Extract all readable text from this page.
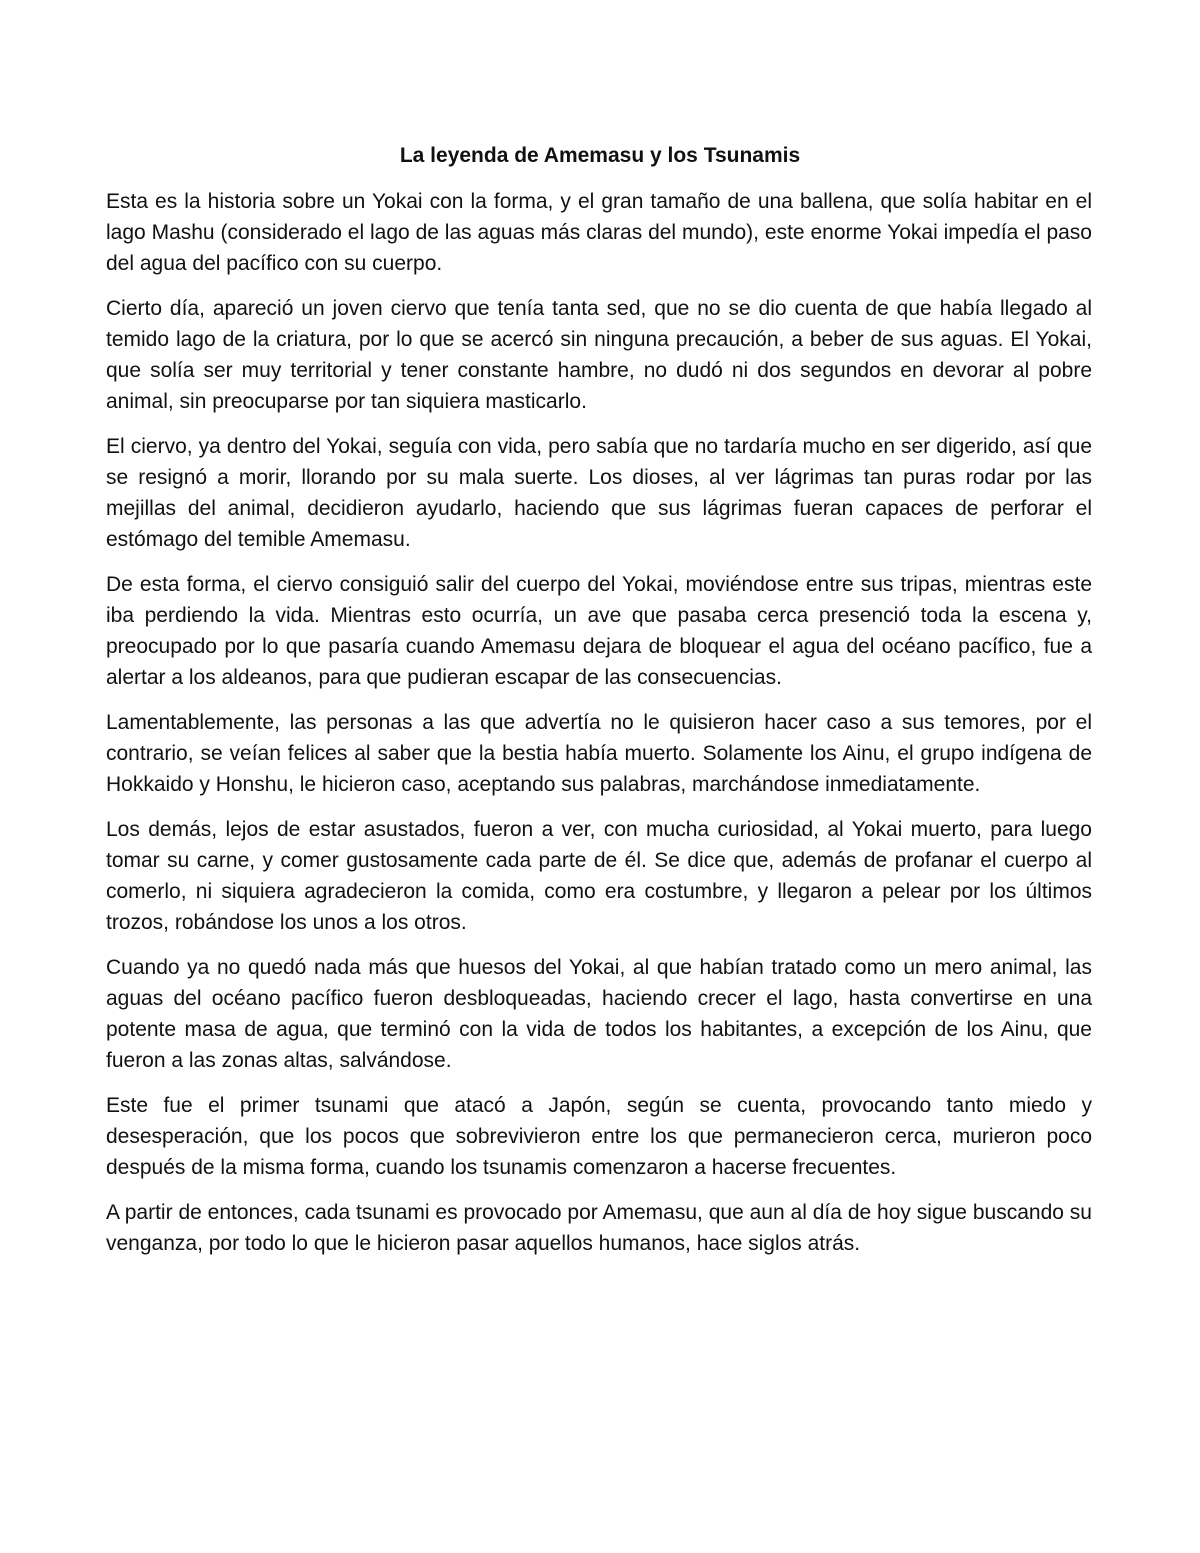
La leyenda de Amemasu y los Tsunamis

Esta es la historia sobre un Yokai con la forma, y el gran tamaño de una ballena, que solía habitar en el lago Mashu (considerado el lago de las aguas más claras del mundo), este enorme Yokai impedía el paso del agua del pacífico con su cuerpo.

Cierto día, apareció un joven ciervo que tenía tanta sed, que no se dio cuenta de que había llegado al temido lago de la criatura, por lo que se acercó sin ninguna precaución, a beber de sus aguas. El Yokai, que solía ser muy territorial y tener constante hambre, no dudó ni dos segundos en devorar al pobre animal, sin preocuparse por tan siquiera masticarlo.

El ciervo, ya dentro del Yokai, seguía con vida, pero sabía que no tardaría mucho en ser digerido, así que se resignó a morir, llorando por su mala suerte. Los dioses, al ver lágrimas tan puras rodar por las mejillas del animal, decidieron ayudarlo, haciendo que sus lágrimas fueran capaces de perforar el estómago del temible Amemasu.

De esta forma, el ciervo consiguió salir del cuerpo del Yokai, moviéndose entre sus tripas, mientras este iba perdiendo la vida. Mientras esto ocurría, un ave que pasaba cerca presenció toda la escena y, preocupado por lo que pasaría cuando Amemasu dejara de bloquear el agua del océano pacífico, fue a alertar a los aldeanos, para que pudieran escapar de las consecuencias.

Lamentablemente, las personas a las que advertía no le quisieron hacer caso a sus temores, por el contrario, se veían felices al saber que la bestia había muerto. Solamente los Ainu, el grupo indígena de Hokkaido y Honshu, le hicieron caso, aceptando sus palabras, marchándose inmediatamente.

Los demás, lejos de estar asustados, fueron a ver, con mucha curiosidad, al Yokai muerto, para luego tomar su carne, y comer gustosamente cada parte de él. Se dice que, además de profanar el cuerpo al comerlo, ni siquiera agradecieron la comida, como era costumbre, y llegaron a pelear por los últimos trozos, robándose los unos a los otros.

Cuando ya no quedó nada más que huesos del Yokai, al que habían tratado como un mero animal, las aguas del océano pacífico fueron desbloqueadas, haciendo crecer el lago, hasta convertirse en una potente masa de agua, que terminó con la vida de todos los habitantes, a excepción de los Ainu, que fueron a las zonas altas, salvándose.

Este fue el primer tsunami que atacó a Japón, según se cuenta, provocando tanto miedo y desesperación, que los pocos que sobrevivieron entre los que permanecieron cerca, murieron poco después de la misma forma, cuando los tsunamis comenzaron a hacerse frecuentes.

A partir de entonces, cada tsunami es provocado por Amemasu, que aun al día de hoy sigue buscando su venganza, por todo lo que le hicieron pasar aquellos humanos, hace siglos atrás.
